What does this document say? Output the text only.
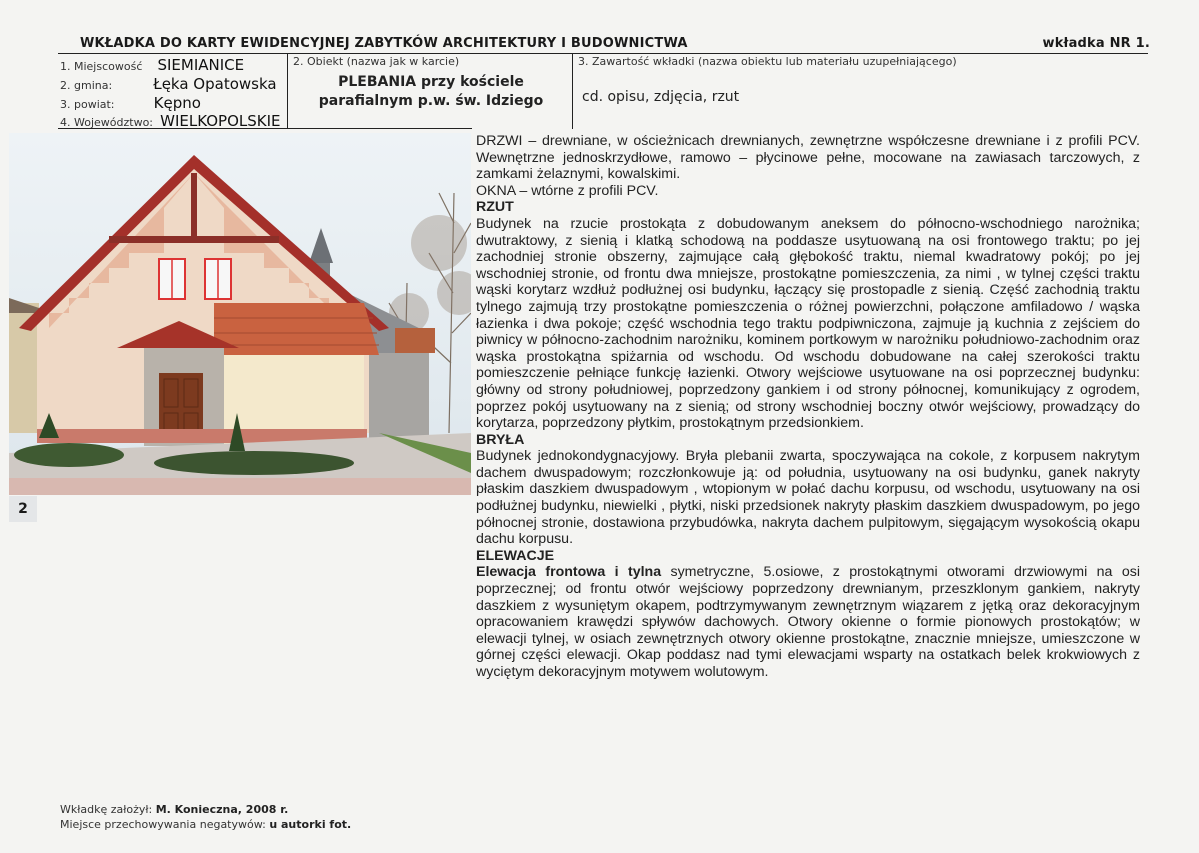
WKŁADKA DO KARTY EWIDENCYJNEJ ZABYTKÓW ARCHITEKTURY I BUDOWNICTWA	wkładka NR 1.
1. Miejscowość SIEMIANICE
2. gmina:	Łęka Opatowska
3. powiat:	Kępno
4. Województwo: WIELKOPOLSKIE
2. Obiekt (nazwa jak w karcie)
PLEBANIA przy kościele
parafialnym p.w. św. Idziego
3. Zawartość wkładki (nazwa obiektu lub materiału uzupełniającego)
cd. opisu, zdjęcia, rzut
2

DRZWI – drewniane, w ościeżnicach drewnianych, zewnętrzne współczesne drewniane i z profili PCV. Wewnętrzne jednoskrzydłowe, ramowo – płycinowe pełne, mocowane na zawiasach tarczowych, z zamkami żelaznymi, kowalskimi.

OKNA – wtórne z profili PCV.

RZUT

Budynek na rzucie prostokąta z dobudowanym aneksem do północno-wschodniego narożnika; dwutraktowy, z sienią i klatką schodową na poddasze usytuowaną na osi frontowego traktu; po jej zachodniej stronie obszerny, zajmujące całą głębokość traktu, niemal kwadratowy pokój; po jej wschodniej stronie, od frontu dwa mniejsze, prostokątne pomieszczenia, za nimi , w tylnej części traktu wąski korytarz wzdłuż podłużnej osi budynku, łączący się prostopadle z sienią. Część zachodnią traktu tylnego zajmują trzy prostokątne pomieszczenia o różnej powierzchni, połączone amfiladowo / wąska łazienka i dwa pokoje; część wschodnia tego traktu podpiwniczona, zajmuje ją kuchnia z zejściem do piwnicy w północno-zachodnim narożniku, kominem portkowym w narożniku południowo-zachodnim oraz wąska prostokątna spiżarnia od wschodu. Od wschodu dobudowane na całej szerokości traktu pomieszczenie pełniące funkcję łazienki. Otwory wejściowe usytuowane na osi poprzecznej budynku: główny od strony południowej, poprzedzony gankiem i od strony północnej, komunikujący z ogrodem, poprzez pokój usytuowany na z sienią; od strony wschodniej boczny otwór wejściowy, prowadzący do korytarza, poprzedzony płytkim, prostokątnym przedsionkiem.

BRYŁA

Budynek jednokondygnacyjowy. Bryła plebanii zwarta, spoczywająca na cokole, z korpusem nakrytym dachem dwuspadowym; rozczłonkowuje ją: od południa, usytuowany na osi budynku, ganek nakryty płaskim daszkiem dwuspadowym , wtopionym w połać dachu korpusu, od wschodu, usytuowany na osi podłużnej budynku, niewielki , płytki, niski przedsionek nakryty płaskim daszkiem dwuspadowym, po jego północnej stronie, dostawiona przybudówka, nakryta dachem pulpitowym, sięgającym wysokością okapu dachu korpusu.

ELEWACJE

Elewacja frontowa i tylna symetryczne, 5.osiowe, z prostokątnymi otworami drzwiowymi na osi poprzecznej; od frontu otwór wejściowy poprzedzony drewnianym, przeszklonym gankiem, nakryty daszkiem z wysuniętym okapem, podtrzymywanym zewnętrznym wiązarem z jętką oraz dekoracyjnym opracowaniem krawędzi spływów dachowych. Otwory okienne o formie pionowych prostokątów; w elewacji tylnej, w osiach zewnętrznych otwory okienne prostokątne, znacznie mniejsze, umieszczone w górnej części elewacji. Okap poddasz nad tymi elewacjami wsparty na ostatkach belek krokwiowych z wyciętym dekoracyjnym motywem wolutowym.

Wkładkę założył: M. Konieczna, 2008 r.
Miejsce przechowywania negatywów: u autorki fot.
